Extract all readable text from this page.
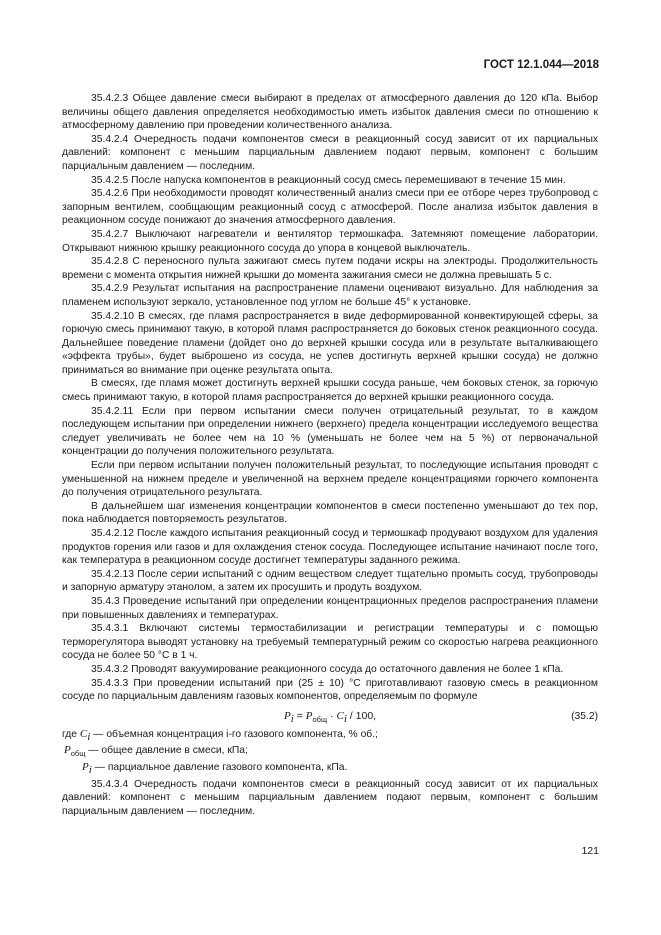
ГОСТ 12.1.044—2018

35.4.2.3 Общее давление смеси выбирают в пределах от атмосферного давления до 120 кПа. Выбор величины общего давления определяется необходимостью иметь избыток давления смеси по отношению к атмосферному давлению при проведении количественного анализа.

35.4.2.4 Очередность подачи компонентов смеси в реакционный сосуд зависит от их парциальных давлений: компонент с меньшим парциальным давлением подают первым, компонент с большим парциальным давлением — последним.

35.4.2.5 После напуска компонентов в реакционный сосуд смесь перемешивают в течение 15 мин.

35.4.2.6 При необходимости проводят количественный анализ смеси при ее отборе через трубопровод с запорным вентилем, сообщающим реакционный сосуд с атмосферой. После анализа избыток давления в реакционном сосуде понижают до значения атмосферного давления.

35.4.2.7 Выключают нагреватели и вентилятор термошкафа. Затемняют помещение лаборатории. Открывают нижнюю крышку реакционного сосуда до упора в концевой выключатель.

35.4.2.8 С переносного пульта зажигают смесь путем подачи искры на электроды. Продолжительность времени с момента открытия нижней крышки до момента зажигания смеси не должна превышать 5 с.

35.4.2.9 Результат испытания на распространение пламени оценивают визуально. Для наблюдения за пламенем используют зеркало, установленное под углом не больше 45° к установке.

35.4.2.10 В смесях, где пламя распространяется в виде деформированной конвектирующей сферы, за горючую смесь принимают такую, в которой пламя распространяется до боковых стенок реакционного сосуда. Дальнейшее поведение пламени (дойдет оно до верхней крышки сосуда или в результате выталкивающего «эффекта трубы», будет выброшено из сосуда, не успев достигнуть верхней крышки сосуда) не должно приниматься во внимание при оценке результата опыта.

В смесях, где пламя может достигнуть верхней крышки сосуда раньше, чем боковых стенок, за горючую смесь принимают такую, в которой пламя распространяется до верхней крышки реакционного сосуда.

35.4.2.11 Если при первом испытании смеси получен отрицательный результат, то в каждом последующем испытании при определении нижнего (верхнего) предела концентрации исследуемого вещества следует увеличивать не более чем на 10 % (уменьшать не более чем на 5 %) от первоначальной концентрации до получения положительного результата.

Если при первом испытании получен положительный результат, то последующие испытания проводят с уменьшенной на нижнем пределе и увеличенной на верхнем пределе концентрациями горючего компонента до получения отрицательного результата.

В дальнейшем шаг изменения концентрации компонентов в смеси постепенно уменьшают до тех пор, пока наблюдается повторяемость результатов.

35.4.2.12 После каждого испытания реакционный сосуд и термошкаф продувают воздухом для удаления продуктов горения или газов и для охлаждения стенок сосуда. Последующее испытание начинают после того, как температура в реакционном сосуде достигнет температуры заданного режима.

35.4.2.13 После серии испытаний с одним веществом следует тщательно промыть сосуд, трубопроводы и запорную арматуру этанолом, а затем их просушить и продуть воздухом.

35.4.3 Проведение испытаний при определении концентрационных пределов распространения пламени при повышенных давлениях и температурах.

35.4.3.1 Включают системы термостабилизации и регистрации температуры и с помощью терморегулятора выводят установку на требуемый температурный режим со скоростью нагрева реакционного сосуда не более 50 °С в 1 ч.

35.4.3.2 Проводят вакуумирование реакционного сосуда до остаточного давления не более 1 кПа.

35.4.3.3 При проведении испытаний при (25 ± 10) °С приготавливают газовую смесь в реакционном сосуде по парциальным давлениям газовых компонентов, определяемым по формуле

$P_i = P_{общ} \cdot C_i / 100$,	(35.2)
где $C_i$ — объемная концентрация i-го газового компонента, % об.;
$P_{общ}$ — общее давление в смеси, кПа;
$P_i$ — парциальное давление газового компонента, кПа.

35.4.3.4 Очередность подачи компонентов смеси в реакционный сосуд зависит от их парциальных давлений: компонент с меньшим парциальным давлением подают первым, компонент с большим парциальным давлением — последним.

121
